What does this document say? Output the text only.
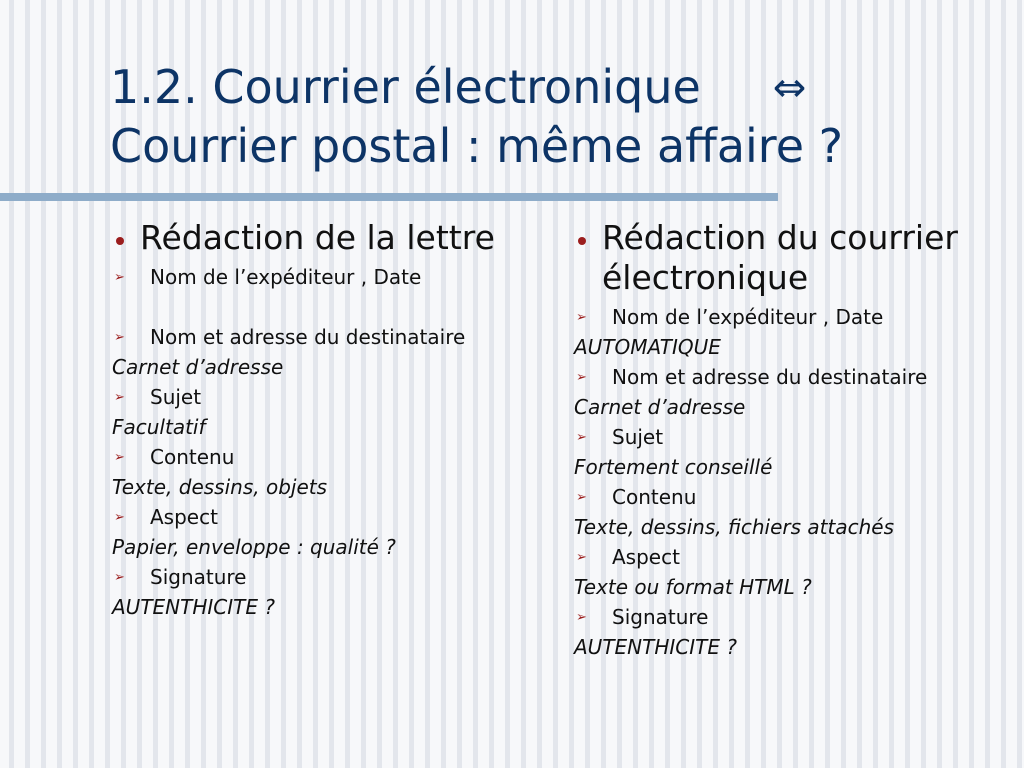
1.2. Courrier électronique ⇔
Courrier postal : même affaire ?
Rédaction de la lettre
➢	Nom de l’expéditeur , Date
➢	Nom et adresse du destinataire
Carnet d’adresse
➢	Sujet
Facultatif
➢	Contenu
Texte, dessins, objets
➢	Aspect
Papier, enveloppe : qualité ?
➢	Signature
AUTENTHICITE ?
Rédaction du courrier électronique
➢	Nom de l’expéditeur , Date
AUTOMATIQUE
➢	Nom et adresse du destinataire
Carnet d’adresse
➢	Sujet
Fortement conseillé
➢	Contenu
Texte, dessins, fichiers attachés
➢	Aspect
Texte ou format HTML ?
➢	Signature
AUTENTHICITE ?
